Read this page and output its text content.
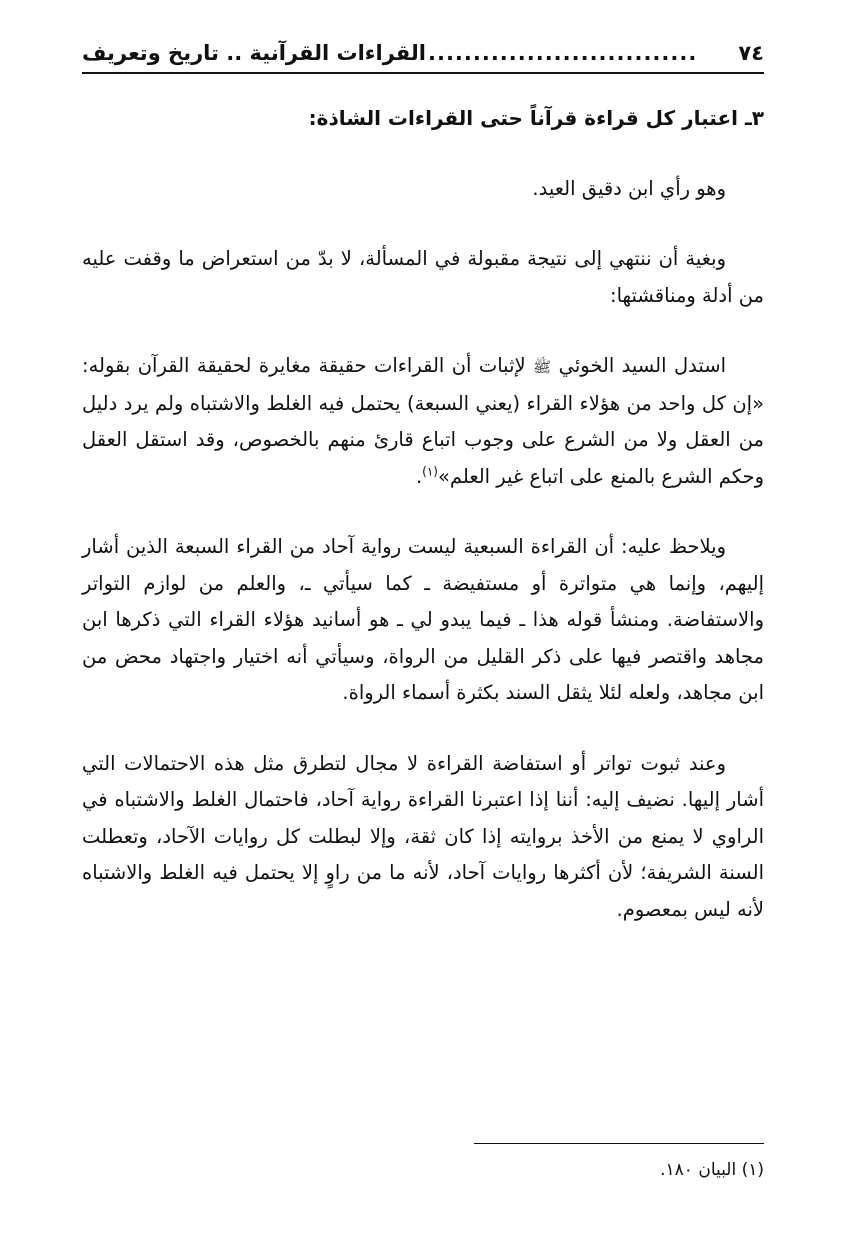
٧٤
..............................
القراءات القرآنية .. تاريخ وتعريف

٣ـ اعتبار كل قراءة قرآناً حتى القراءات الشاذة:

وهو رأي ابن دقيق العيد.

وبغية أن ننتهي إلى نتيجة مقبولة في المسألة، لا بدّ من استعراض ما وقفت عليه من أدلة ومناقشتها:

استدل السيد الخوئي ﷺ لإثبات أن القراءات حقيقة مغايرة لحقيقة القرآن بقوله: «إن كل واحد من هؤلاء القراء (يعني السبعة) يحتمل فيه الغلط والاشتباه ولم يرد دليل من العقل ولا من الشرع على وجوب اتباع قارئ منهم بالخصوص، وقد استقل العقل وحكم الشرع بالمنع على اتباع غير العلم»$^{(١)}$.

ويلاحظ عليه: أن القراءة السبعية ليست رواية آحاد من القراء السبعة الذين أشار إليهم، وإنما هي متواترة أو مستفيضة ـ كما سيأتي ـ، والعلم من لوازم التواتر والاستفاضة. ومنشأ قوله هذا ـ فيما يبدو لي ـ هو أسانيد هؤلاء القراء التي ذكرها ابن مجاهد واقتصر فيها على ذكر القليل من الرواة، وسيأتي أنه اختيار واجتهاد محض من ابن مجاهد، ولعله لئلا يثقل السند بكثرة أسماء الرواة.

وعند ثبوت تواتر أو استفاضة القراءة لا مجال لتطرق مثل هذه الاحتمالات التي أشار إليها. نضيف إليه: أننا إذا اعتبرنا القراءة رواية آحاد، فاحتمال الغلط والاشتباه في الراوي لا يمنع من الأخذ بروايته إذا كان ثقة، وإلا لبطلت كل روايات الآحاد، وتعطلت السنة الشريفة؛ لأن أكثرها روايات آحاد، لأنه ما من راوٍ إلا يحتمل فيه الغلط والاشتباه لأنه ليس بمعصوم.

(١) البيان ١٨٠.
